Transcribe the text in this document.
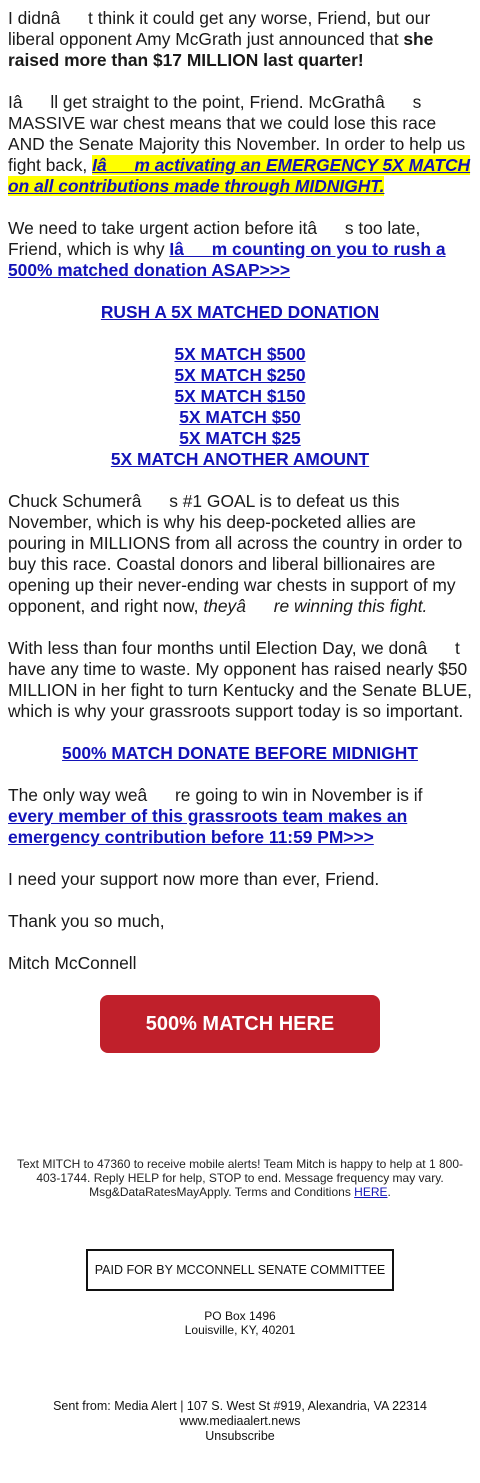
I didnât think it could get any worse, Friend, but our liberal opponent Amy McGrath just announced that she raised more than $17 MILLION last quarter!

Iâll get straight to the point, Friend. McGrathâs MASSIVE war chest means that we could lose this race AND the Senate Majority this November. In order to help us fight back, Iâm activating an EMERGENCY 5X MATCH on all contributions made through MIDNIGHT.

We need to take urgent action before itâs too late, Friend, which is why Iâm counting on you to rush a 500% matched donation ASAP>>>

RUSH A 5X MATCHED DONATION

5X MATCH $500
5X MATCH $250
5X MATCH $150
5X MATCH $50
5X MATCH $25
5X MATCH ANOTHER AMOUNT

Chuck Schumerâs #1 GOAL is to defeat us this November, which is why his deep-pocketed allies are pouring in MILLIONS from all across the country in order to buy this race. Coastal donors and liberal billionaires are opening up their never-ending war chests in support of my opponent, and right now, theyâre winning this fight.

With less than four months until Election Day, we donât have any time to waste. My opponent has raised nearly $50 MILLION in her fight to turn Kentucky and the Senate BLUE, which is why your grassroots support today is so important.

500% MATCH DONATE BEFORE MIDNIGHT

The only way weâre going to win in November is if every member of this grassroots team makes an emergency contribution before 11:59 PM>>>

I need your support now more than ever, Friend.

Thank you so much,

Mitch McConnell

500% MATCH HERE
Text MITCH to 47360 to receive mobile alerts! Team Mitch is happy to help at 1 800-403-1744. Reply HELP for help, STOP to end. Message frequency may vary. Msg&DataRatesMayApply. Terms and Conditions HERE.
PAID FOR BY MCCONNELL SENATE COMMITTEE
PO Box 1496
Louisville, KY, 40201
Sent from: Media Alert | 107 S. West St #919, Alexandria, VA 22314
www.mediaalert.news
Unsubscribe
